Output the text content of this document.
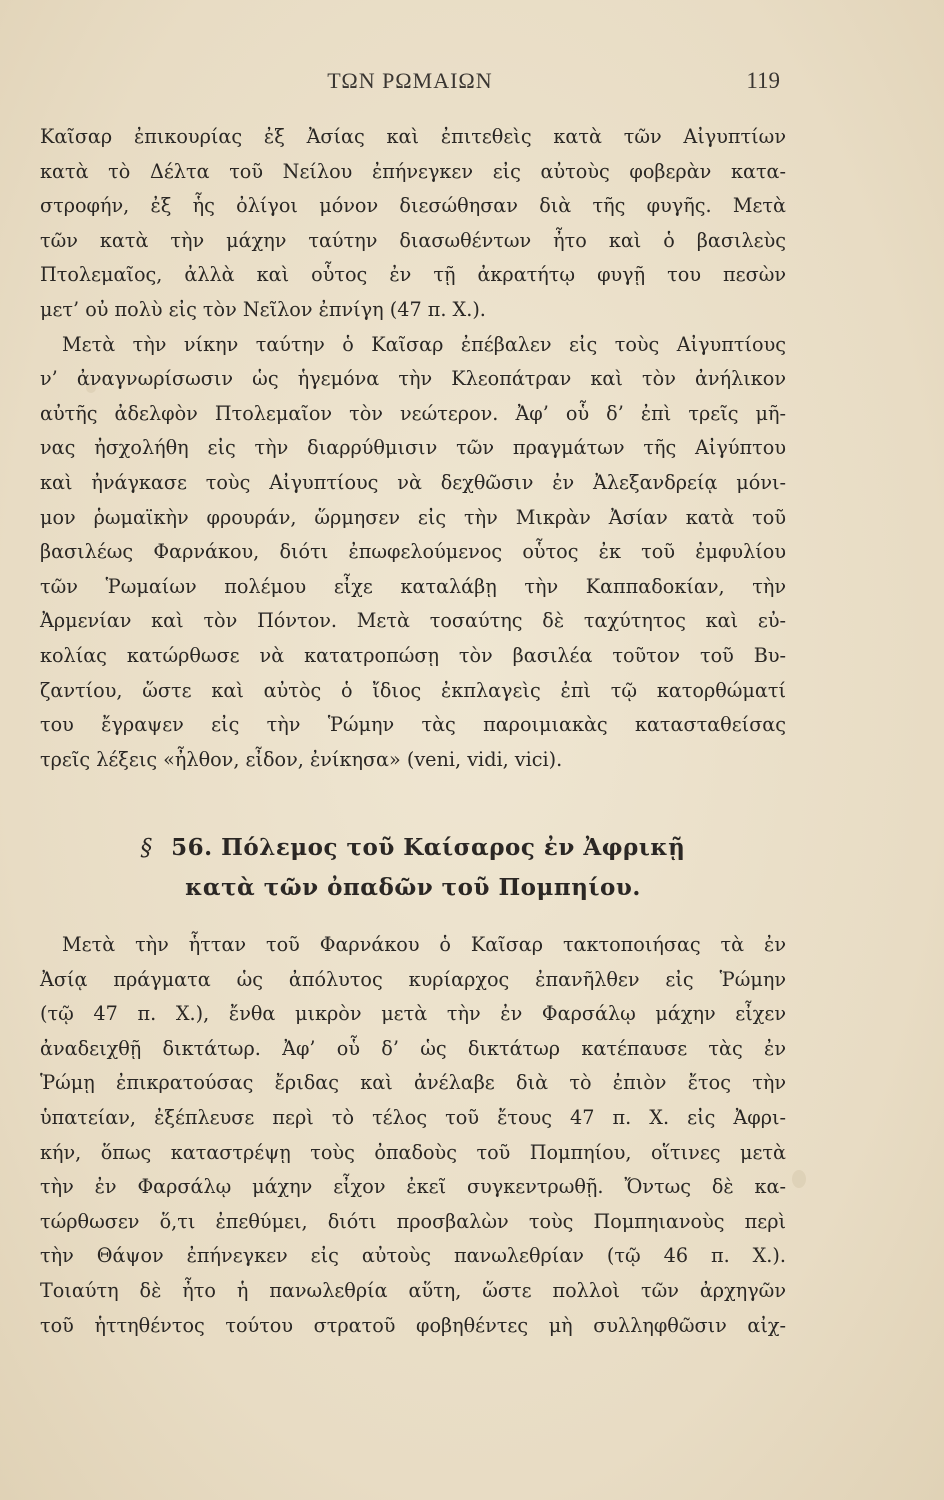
ΤΩΝ ΡΩΜΑΙΩΝ	119
Καῖσαρ ἐπικουρίας ἐξ Ἀσίας καὶ ἐπιτεθεὶς κατὰ τῶν Αἰγυπτίων
κατὰ τὸ Δέλτα τοῦ Νείλου ἐπήνεγκεν εἰς αὐτοὺς φοβερὰν κατα-
στροφήν, ἐξ ἧς ὀλίγοι μόνον διεσώθησαν διὰ τῆς φυγῆς. Μετὰ
τῶν κατὰ τὴν μάχην ταύτην διασωθέντων ἦτο καὶ ὁ βασιλεὺς
Πτολεμαῖος, ἀλλὰ καὶ οὗτος ἐν τῇ ἀκρατήτῳ φυγῇ του πεσὼν
μετ’ οὐ πολὺ εἰς τὸν Νεῖλον ἐπνίγη (47 π. Χ.).
Μετὰ τὴν νίκην ταύτην ὁ Καῖσαρ ἐπέβαλεν εἰς τοὺς Αἰγυπτίους
ν’ ἀναγνωρίσωσιν ὡς ἡγεμόνα τὴν Κλεοπάτραν καὶ τὸν ἀνήλικον
αὐτῆς ἀδελφὸν Πτολεμαῖον τὸν νεώτερον. Ἀφ’ οὗ δ’ ἐπὶ τρεῖς μῆ-
νας ἠσχολήθη εἰς τὴν διαρρύθμισιν τῶν πραγμάτων τῆς Αἰγύπτου
καὶ ἠνάγκασε τοὺς Αἰγυπτίους νὰ δεχθῶσιν ἐν Ἀλεξανδρείᾳ μόνι-
μον ῥωμαϊκὴν φρουράν, ὥρμησεν εἰς τὴν Μικρὰν Ἀσίαν κατὰ τοῦ
βασιλέως Φαρνάκου, διότι ἐπωφελούμενος οὗτος ἐκ τοῦ ἐμφυλίου
τῶν Ῥωμαίων πολέμου εἶχε καταλάβῃ τὴν Καππαδοκίαν, τὴν
Ἀρμενίαν καὶ τὸν Πόντον. Μετὰ τοσαύτης δὲ ταχύτητος καὶ εὐ-
κολίας κατώρθωσε νὰ κατατροπώσῃ τὸν βασιλέα τοῦτον τοῦ Βυ-
ζαντίου, ὥστε καὶ αὐτὸς ὁ ἴδιος ἐκπλαγεὶς ἐπὶ τῷ κατορθώματί
του ἔγραψεν εἰς τὴν Ῥώμην τὰς παροιμιακὰς κατασταθείσας
τρεῖς λέξεις «ἦλθον, εἶδον, ἐνίκησα» (veni, vidi, vici).
§ 56. Πόλεμος τοῦ Καίσαρος ἐν Ἀφρικῇ
κατὰ τῶν ὀπαδῶν τοῦ Πομπηίου.
Μετὰ τὴν ἧτταν τοῦ Φαρνάκου ὁ Καῖσαρ τακτοποιήσας τὰ ἐν
Ἀσίᾳ πράγματα ὡς ἀπόλυτος κυρίαρχος ἐπανῆλθεν εἰς Ῥώμην
(τῷ 47 π. Χ.), ἔνθα μικρὸν μετὰ τὴν ἐν Φαρσάλῳ μάχην εἶχεν
ἀναδειχθῇ δικτάτωρ. Ἀφ’ οὗ δ’ ὡς δικτάτωρ κατέπαυσε τὰς ἐν
Ῥώμῃ ἐπικρατούσας ἔριδας καὶ ἀνέλαβε διὰ τὸ ἐπιὸν ἔτος τὴν
ὑπατείαν, ἐξέπλευσε περὶ τὸ τέλος τοῦ ἔτους 47 π. Χ. εἰς Ἀφρι-
κήν, ὅπως καταστρέψῃ τοὺς ὀπαδοὺς τοῦ Πομπηίου, οἵτινες μετὰ
τὴν ἐν Φαρσάλῳ μάχην εἶχον ἐκεῖ συγκεντρωθῇ. Ὄντως δὲ κα-
τώρθωσεν ὅ,τι ἐπεθύμει, διότι προσβαλὼν τοὺς Πομπηιανοὺς περὶ
τὴν Θάψον ἐπήνεγκεν εἰς αὐτοὺς πανωλεθρίαν (τῷ 46 π. Χ.).
Τοιαύτη δὲ ἦτο ἡ πανωλεθρία αὕτη, ὥστε πολλοὶ τῶν ἀρχηγῶν
τοῦ ἡττηθέντος τούτου στρατοῦ φοβηθέντες μὴ συλληφθῶσιν αἰχ-
